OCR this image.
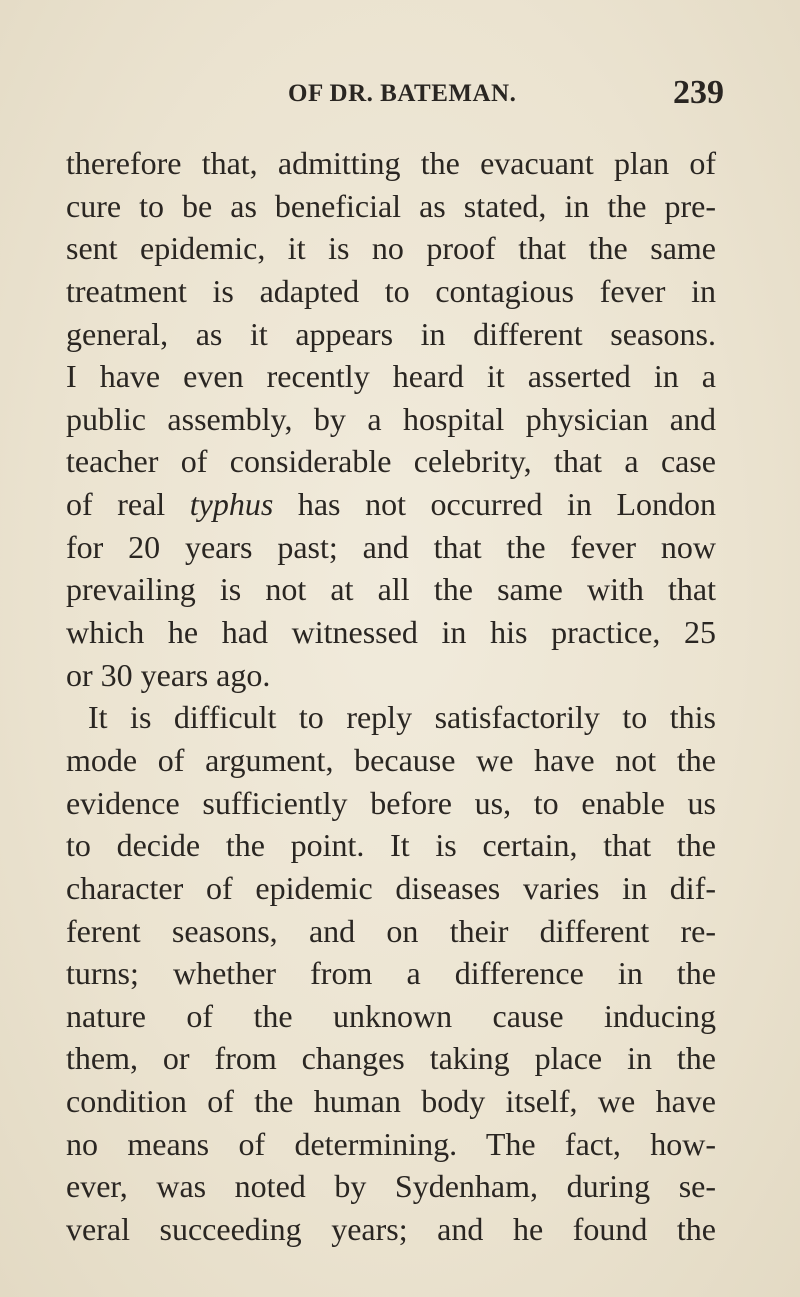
OF DR. BATEMAN.	239
therefore that, admitting the evacuant plan of
cure to be as beneficial as stated, in the pre-
sent epidemic, it is no proof that the same
treatment is adapted to contagious fever in
general, as it appears in different seasons.
I have even recently heard it asserted in a
public assembly, by a hospital physician and
teacher of considerable celebrity, that a case
of real typhus has not occurred in London
for 20 years past; and that the fever now
prevailing is not at all the same with that
which he had witnessed in his practice, 25
or 30 years ago.
It is difficult to reply satisfactorily to this
mode of argument, because we have not the
evidence sufficiently before us, to enable us
to decide the point. It is certain, that the
character of epidemic diseases varies in dif-
ferent seasons, and on their different re-
turns; whether from a difference in the
nature of the unknown cause inducing
them, or from changes taking place in the
condition of the human body itself, we have
no means of determining. The fact, how-
ever, was noted by Sydenham, during se-
veral succeeding years; and he found the
